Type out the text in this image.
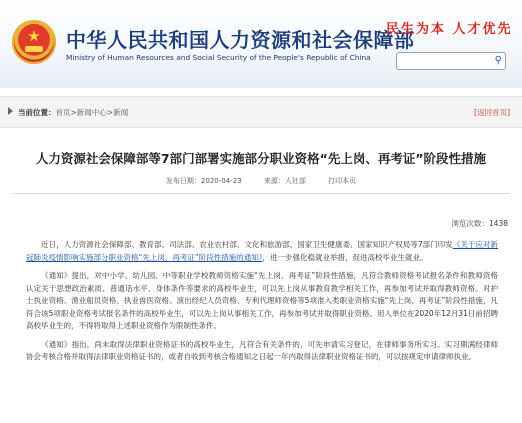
★	中华人民共和国人力资源和社会保障部
Ministry of Human Resources and Social Security of the People's Republic of China
民生为本 人才优先
⚲
当前位置：首页>新闻中心>新闻	[返回首页]
人力资源社会保障部等7部门部署实施部分职业资格“先上岗、再考证”阶段性措施
发布日期：2020-04-23	来源：人社部	打印本页
浏览次数：1438

近日，人力资源社会保障部、教育部、司法部、农业农村部、文化和旅游部、国家卫生健康委、国家知识产权局等7部门印发《关于应对新冠肺炎疫情影响实施部分职业资格“先上岗、再考证”阶段性措施的通知》，进一步强化稳就业举措，促进高校毕业生就业。

《通知》提出，对中小学、幼儿园、中等职业学校教师资格实施“先上岗、再考证”阶段性措施，凡符合教师资格考试报名条件和教师资格认定关于思想政治素质、普通话水平、身体条件等要求的高校毕业生，可以先上岗从事教育教学相关工作，再参加考试并取得教师资格。对护士执业资格、渔业船员资格、执业兽医资格、演出经纪人员资格、专利代理师资格等5项准入类职业资格实施“先上岗、再考证”阶段性措施，凡符合该5项职业资格考试报名条件的高校毕业生，可以先上岗从事相关工作，再参加考试并取得职业资格。用人单位在2020年12月31日前招聘高校毕业生的，不得将取得上述职业资格作为限制性条件。

《通知》指出，尚未取得法律职业资格证书的高校毕业生，凡符合有关条件的，可先申请实习登记，在律师事务所实习。实习期满经律师协会考核合格并取得法律职业资格证书的，或者自收到考核合格通知之日起一年内取得法律职业资格证书的，可以按规定申请律师执业。
